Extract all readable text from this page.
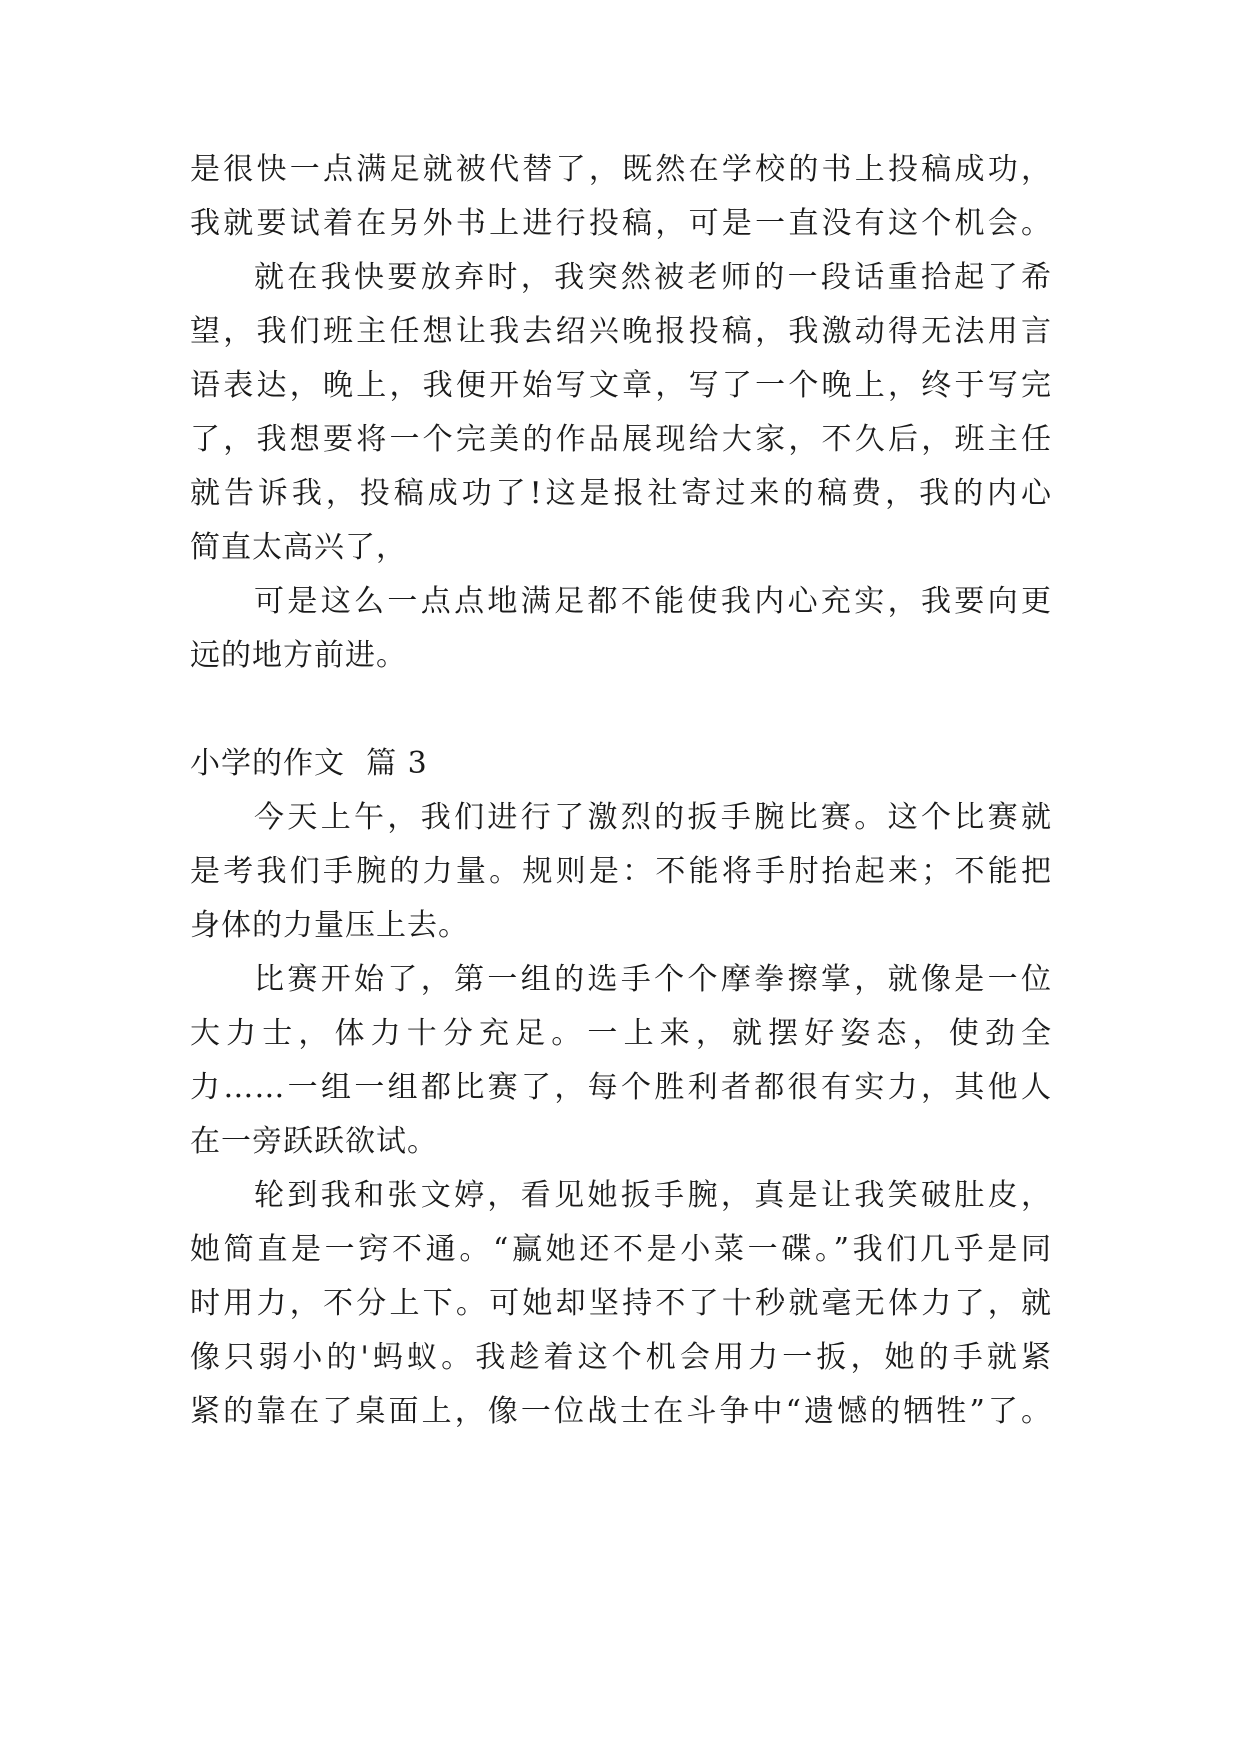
是很快一点满足就被代替了，既然在学校的书上投稿成功，
我就要试着在另外书上进行投稿，可是一直没有这个机会。
就在我快要放弃时，我突然被老师的一段话重拾起了希
望，我们班主任想让我去绍兴晚报投稿，我激动得无法用言
语表达，晚上，我便开始写文章，写了一个晚上，终于写完
了，我想要将一个完美的作品展现给大家，不久后，班主任
就告诉我，投稿成功了!这是报社寄过来的稿费，我的内心
简直太高兴了，
可是这么一点点地满足都不能使我内心充实，我要向更
远的地方前进。
小学的作文  篇 3
今天上午，我们进行了激烈的扳手腕比赛。这个比赛就
是考我们手腕的力量。规则是：不能将手肘抬起来；不能把
身体的力量压上去。
比赛开始了，第一组的选手个个摩拳擦掌，就像是一位
大力士，体力十分充足。一上来，就摆好姿态，使劲全
力……一组一组都比赛了，每个胜利者都很有实力，其他人
在一旁跃跃欲试。
轮到我和张文婷，看见她扳手腕，真是让我笑破肚皮，
她简直是一窍不通。“赢她还不是小菜一碟。”我们几乎是同
时用力，不分上下。可她却坚持不了十秒就毫无体力了，就
像只弱小的'蚂蚁。我趁着这个机会用力一扳，她的手就紧
紧的靠在了桌面上，像一位战士在斗争中“遗憾的牺牲”了。
